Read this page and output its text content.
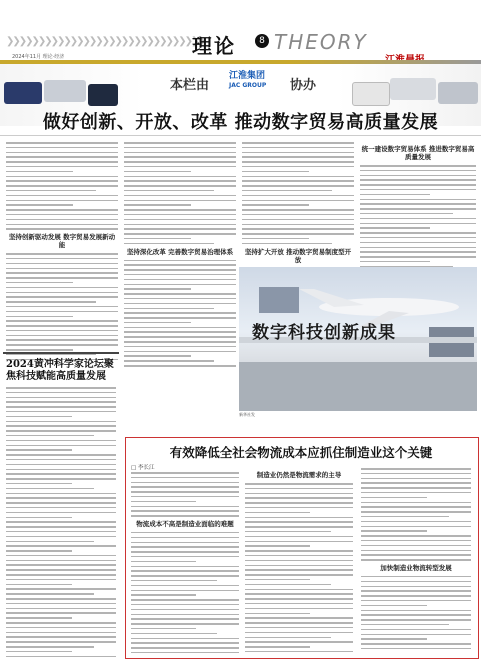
❯❯❯❯❯❯❯❯❯❯❯❯❯❯❯❯❯❯❯❯❯❯❯❯❯❯❯❯❯❯❯
理论	8 THEORY
2024年11月 理论·经济
本栏由
江淮集团
JAC GROUP 协办
做好创新、开放、改革 推动数字贸易高质量发展
坚持创新驱动发展 数字贸易发展新动能
坚持深化改革 完善数字贸易治理体系	坚持扩大开放 推动数字贸易制度型开放
统一建设数字贸易体系 推进数字贸易高质量发展
数字科技创新成果
新华社发
2024黄冲科学家论坛聚焦科技赋能高质量发展
有效降低全社会物流成本应抓住制造业这个关键
□ 李长江
物流成本不高是制造业面临的难题
制造业仍然是物流需求的主导
加快制造业物流转型发展
